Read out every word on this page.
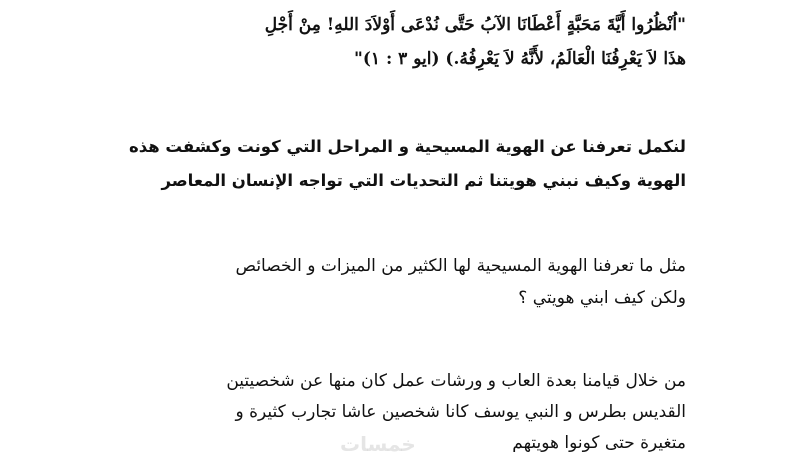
"اُنْظُرُوا أَيَّةَ مَحَبَّةٍ أَعْطَانَا الآبُ حَتَّى نُدْعَى أَوْلاَدَ اللهِ! مِنْ أَجْلِ
هذَا لاَ يَعْرِفُنَا الْعَالَمُ، لأَنَّهُ لاَ يَعْرِفُهُ.) (ايو ٣ : ١)"

لنكمل تعرفنا عن الهوية المسيحية و المراحل التي كونت وكشفت هذه
الهوية وكيف نبني هويتنا ثم التحديات التي تواجه الإنسان المعاصر

مثل ما تعرفنا الهوية المسيحية لها الكثير من الميزات و الخصائص
ولكن كيف ابني هويتي ؟

من خلال قيامنا بعدة العاب و ورشات عمل كان منها عن شخصيتين
القديس بطرس و النبي يوسف كانا شخصين عاشا تجارب كثيرة و
متغيرة حتى كونوا هويتهم

خمسات
